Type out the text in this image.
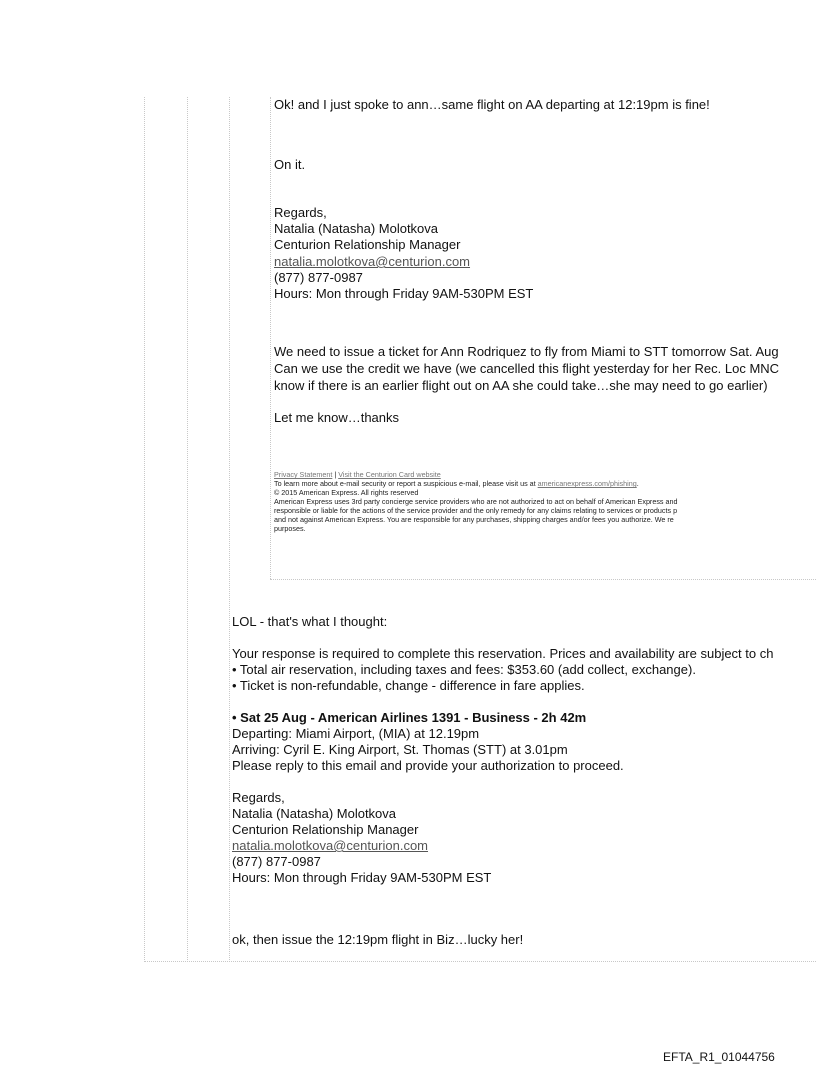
Ok! and I just spoke to ann…same flight on AA departing at 12:19pm is fine!
On it.
Regards,
Natalia (Natasha) Molotkova
Centurion Relationship Manager
natalia.molotkova@centurion.com
(877) 877-0987
Hours: Mon through Friday 9AM-530PM EST
We need to issue a ticket for Ann Rodriquez to fly from Miami to STT tomorrow Sat. Aug
Can we use the credit we have (we cancelled this flight yesterday for her Rec. Loc MNC
know if there is an earlier flight out on AA she could take…she may need to go earlier)
Let me know…thanks
Privacy Statement | Visit the Centurion Card website
To learn more about e-mail security or report a suspicious e-mail, please visit us at americanexpress.com/phishing.
© 2015 American Express. All rights reserved
American Express uses 3rd party concierge service providers who are not authorized to act on behalf of American Express and
responsible or liable for the actions of the service provider and the only remedy for any claims relating to services or products p
and not against American Express. You are responsible for any purchases, shipping charges and/or fees you authorize. We re
purposes.
LOL - that's what I thought:
Your response is required to complete this reservation. Prices and availability are subject to ch
• Total air reservation, including taxes and fees: $353.60 (add collect, exchange).
• Ticket is non-refundable, change - difference in fare applies.
• Sat 25 Aug - American Airlines 1391 - Business - 2h 42m
Departing: Miami Airport, (MIA) at 12.19pm
Arriving: Cyril E. King Airport, St. Thomas (STT) at 3.01pm
Please reply to this email and provide your authorization to proceed.
Regards,
Natalia (Natasha) Molotkova
Centurion Relationship Manager
natalia.molotkova@centurion.com
(877) 877-0987
Hours: Mon through Friday 9AM-530PM EST
ok, then issue the 12:19pm flight in Biz…lucky her!
EFTA_R1_01044756
